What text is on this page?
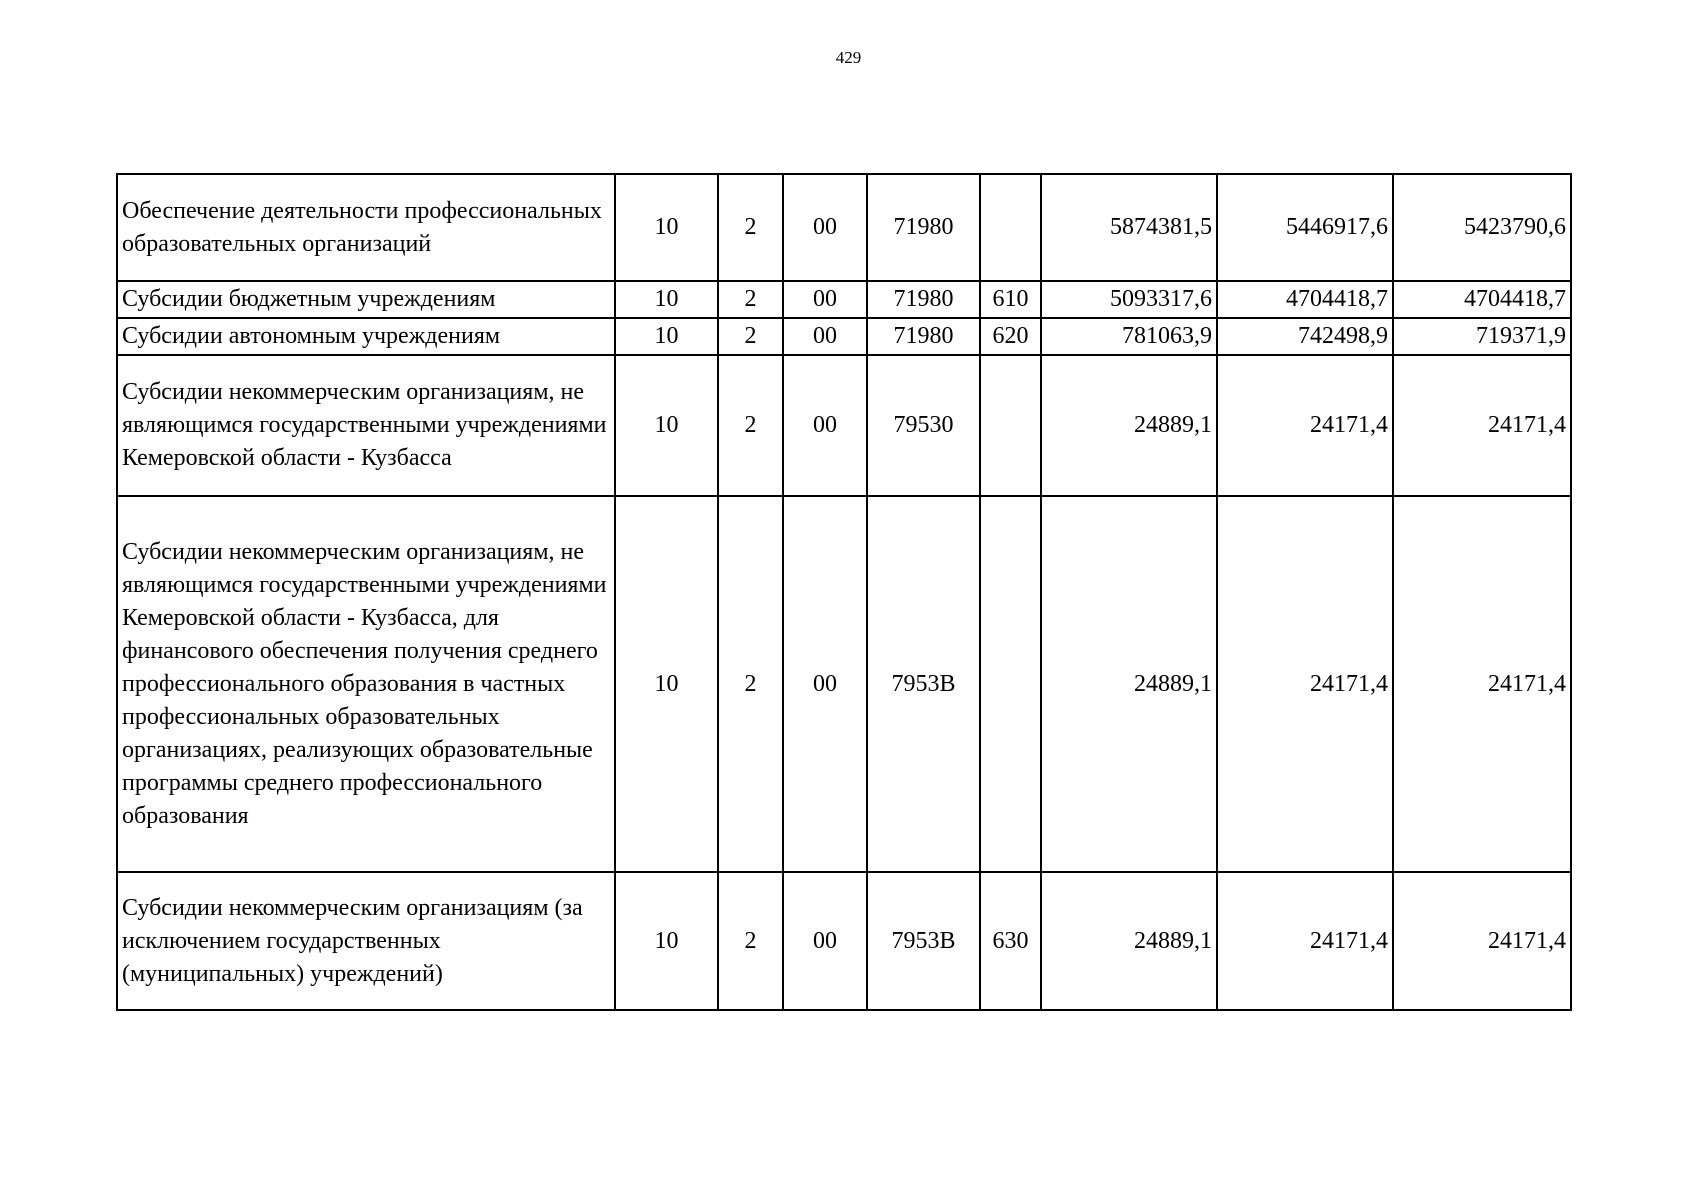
429
Обеспечение деятельности профессиональных образовательных организаций	10	2	00	71980		5874381,5	5446917,6	5423790,6
Субсидии бюджетным учреждениям	10	2	00	71980	610	5093317,6	4704418,7	4704418,7
Субсидии автономным учреждениям	10	2	00	71980	620	781063,9	742498,9	719371,9
Субсидии некоммерческим организациям, не являющимся государственными учреждениями Кемеровской области - Кузбасса	10	2	00	79530		24889,1	24171,4	24171,4
Субсидии некоммерческим организациям, не являющимся государственными учреждениями Кемеровской области - Кузбасса, для финансового обеспечения получения среднего профессионального образования в частных профессиональных образовательных организациях, реализующих образовательные программы среднего профессионального образования	10	2	00	7953В		24889,1	24171,4	24171,4
Субсидии некоммерческим организациям (за исключением государственных (муниципальных) учреждений)	10	2	00	7953В	630	24889,1	24171,4	24171,4
